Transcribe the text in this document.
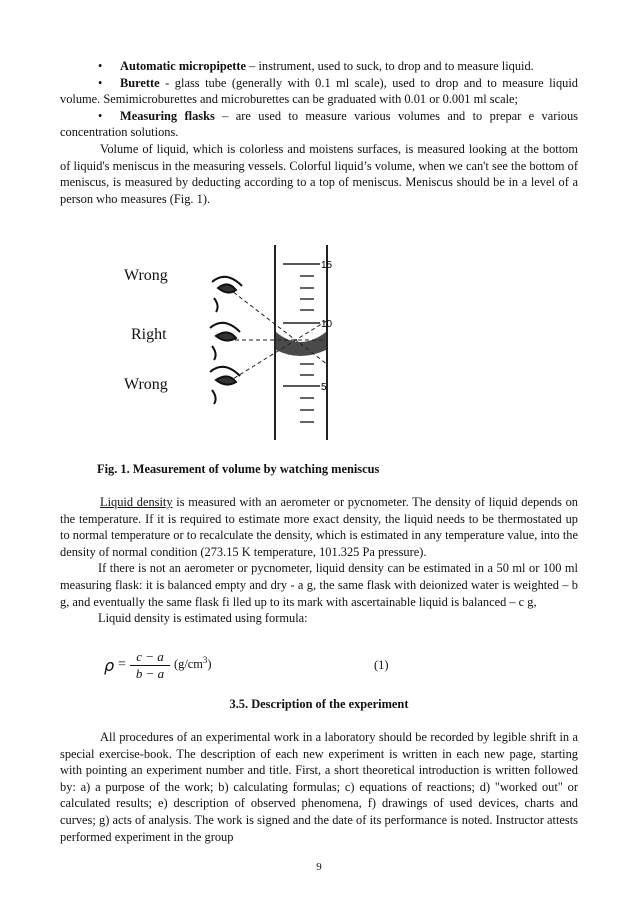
• Automatic micropipette – instrument, used to suck, to drop and to measure liquid.
• Burette - glass tube (generally with 0.1 ml scale), used to drop and to measure liquid volume. Semimicroburettes and microburettes can be graduated with 0.01 or 0.001 ml scale;
• Measuring flasks – are used to measure various volumes and to prepar e various concentration solutions.
Volume of liquid, which is colorless and moistens surfaces, is measured looking at the bottom of liquid's meniscus in the measuring vessels. Colorful liquid’s volume, when we can't see the bottom of meniscus, is measured by deducting according to a top of meniscus. Meniscus should be in a level of a person who measures (Fig. 1).
15
10
5
Wrong
Right
Wrong
Fig. 1. Measurement of volume by watching meniscus
Liquid density is measured with an aerometer or pycnometer. The density of liquid depends on the temperature. If it is required to estimate more exact density, the liquid needs to be thermostated up to normal temperature or to recalculate the density, which is estimated in any temperature value, into the density of normal condition (273.15 K temperature, 101.325 Pa pressure).
If there is not an aerometer or pycnometer, liquid density can be estimated in a 50 ml or 100 ml measuring flask: it is balanced empty and dry - a g, the same flask with deionized water is weighted – b g, and eventually the same flask fi lled up to its mark with ascertainable liquid is balanced – c g,
Liquid density is estimated using formula:
$\rho = \frac{c - a}{b - a} (g/cm^3)$	(1)
3.5. Description of the experiment
All procedures of an experimental work in a laboratory should be recorded by legible shrift in a special exercise-book. The description of each new experiment is written in each new page, starting with pointing an experiment number and title. First, a short theoretical introduction is written followed by: a) a purpose of the work; b) calculating formulas; c) equations of reactions; d) "worked out" or calculated results; e) description of observed phenomena, f) drawings of used devices, charts and curves; g) acts of analysis. The work is signed and the date of its performance is noted. Instructor attests performed experiment in the group
9
